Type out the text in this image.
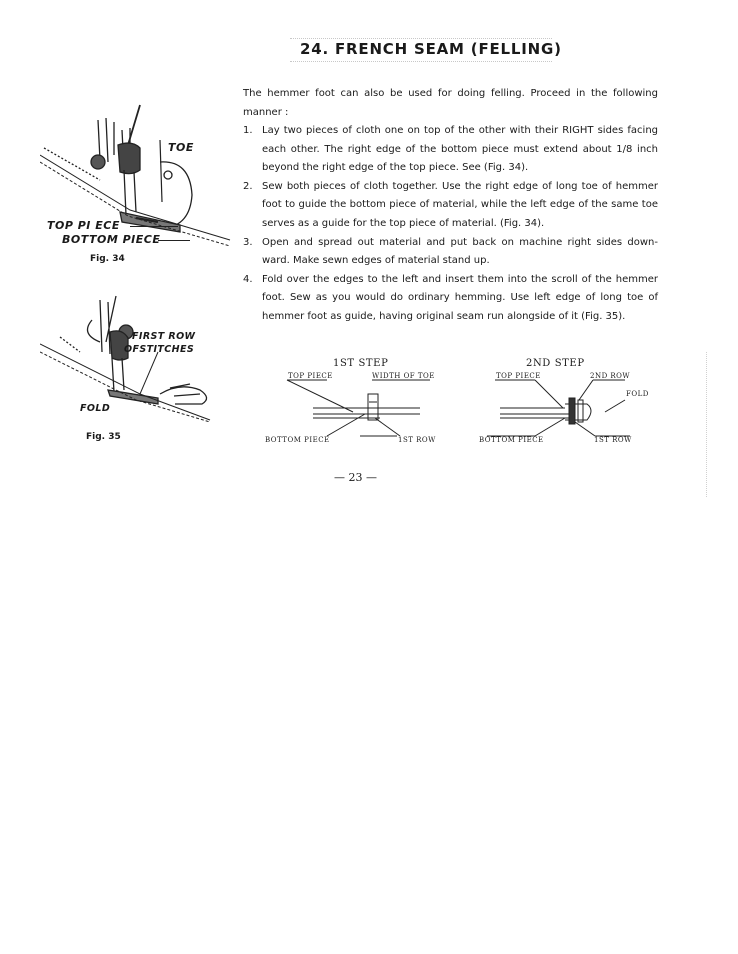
24. FRENCH SEAM (FELLING)
The hemmer foot can also be used for doing felling. Proceed in the following manner :
1. Lay two pieces of cloth one on top of the other with their RIGHT sides facing each other. The right edge of the bottom piece must extend about 1/8 inch beyond the right edge of the top piece. See (Fig. 34).
2. Sew both pieces of cloth together. Use the right edge of long toe of hemmer foot to guide the bottom piece of material, while the left edge of the same toe serves as a guide for the top piece of material. (Fig. 34).
3. Open and spread out material and put back on machine right sides down-ward. Make sewn edges of material stand up.
4. Fold over the edges to the left and insert them into the scroll of the hemmer foot. Sew as you would do ordinary hemming. Use left edge of long toe of hemmer foot as guide, having original seam run alongside of it (Fig. 35).
TOE
TOP PI ECE
BOTTOM PIECE
Fig. 34
FIRST ROW
OFSTITCHES
FOLD
Fig. 35
1ST STEP
TOP PIECE	WIDTH OF TOE
BOTTOM PIECE	1ST ROW
2ND STEP
TOP PIECE	2ND ROW
FOLD
BOTTOM PIECE	1ST ROW
— 23 —
